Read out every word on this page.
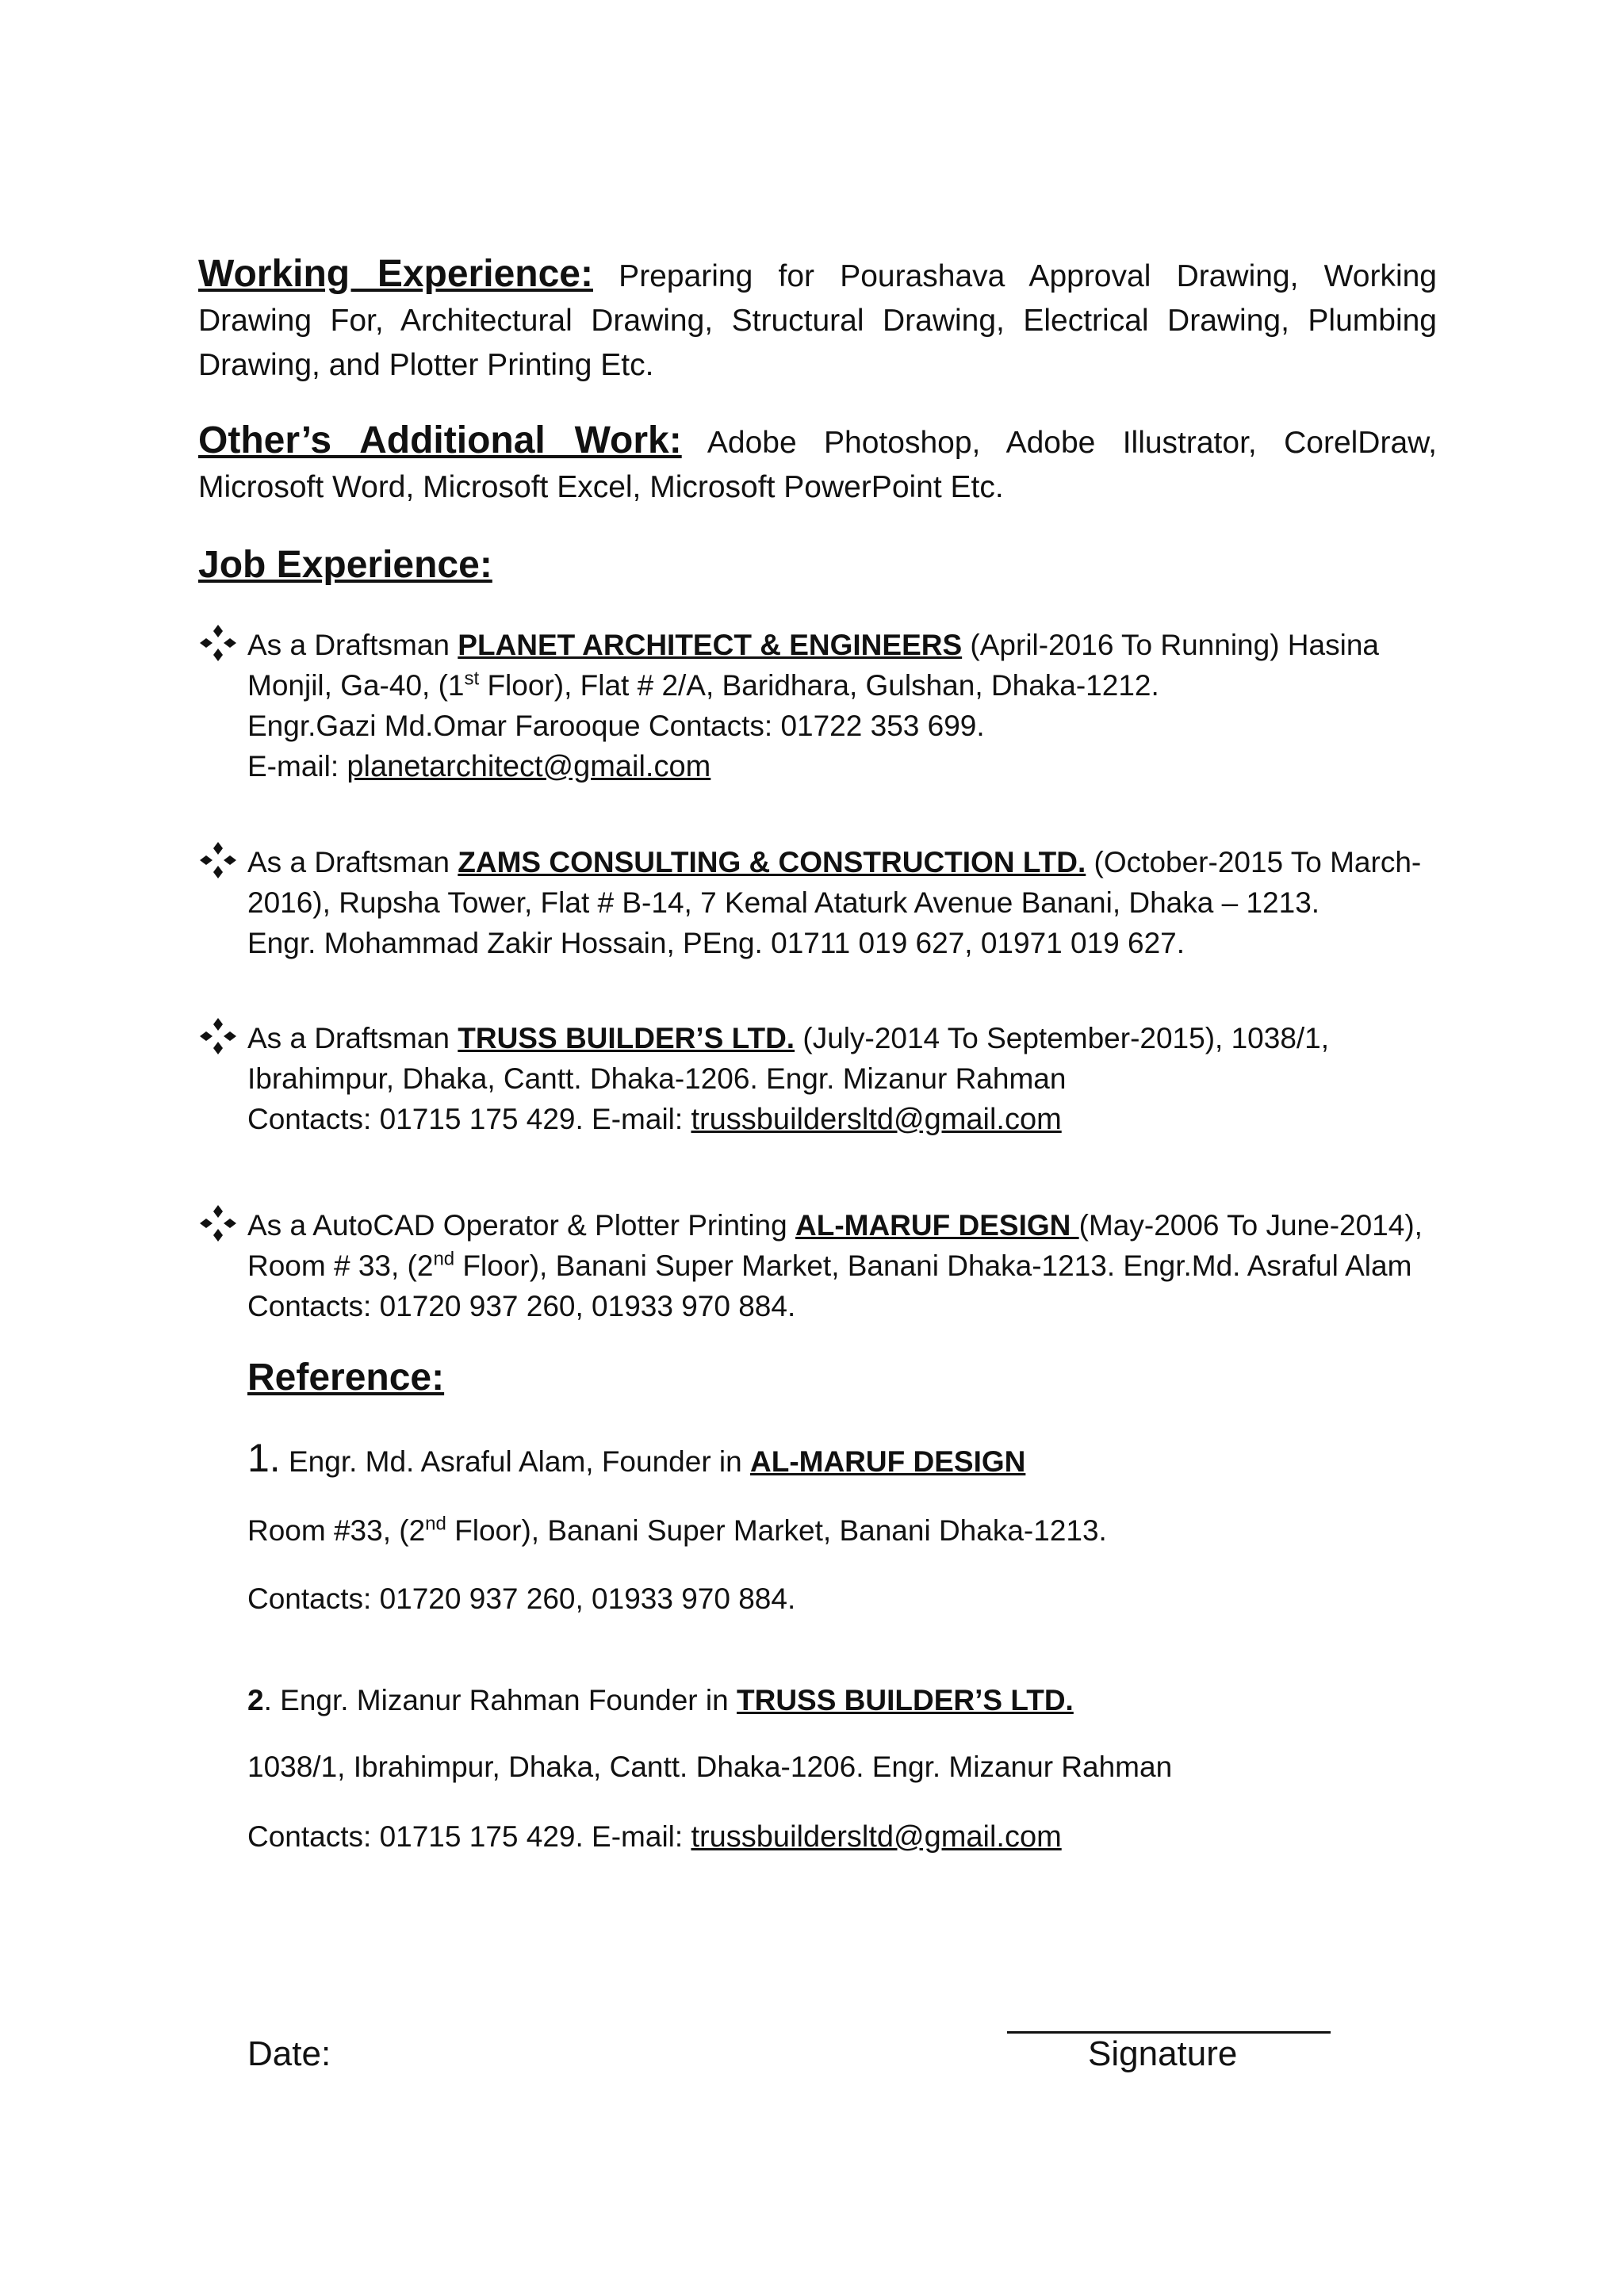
Working Experience: Preparing for Pourashava Approval Drawing, Working Drawing For, Architectural Drawing, Structural Drawing, Electrical Drawing, Plumbing Drawing, and Plotter Printing Etc.

Other’s Additional Work: Adobe Photoshop, Adobe Illustrator, CorelDraw, Microsoft Word, Microsoft Excel, Microsoft PowerPoint Etc.

Job Experience:
As a Draftsman PLANET ARCHITECT & ENGINEERS (April-2016 To Running) Hasina
Monjil, Ga-40, (1st Floor), Flat # 2/A, Baridhara, Gulshan, Dhaka-1212.
Engr.Gazi Md.Omar Farooque Contacts: 01722 353 699.
E-mail: planetarchitect@gmail.com
As a Draftsman ZAMS CONSULTING & CONSTRUCTION LTD. (October-2015 To March-
2016), Rupsha Tower, Flat # B-14, 7 Kemal Ataturk Avenue Banani, Dhaka – 1213.
Engr. Mohammad Zakir Hossain, PEng. 01711 019 627, 01971 019 627.
As a Draftsman TRUSS BUILDER’S LTD. (July-2014 To September-2015), 1038/1,
Ibrahimpur, Dhaka, Cantt. Dhaka-1206. Engr. Mizanur Rahman
Contacts: 01715 175 429. E-mail: trussbuildersltd@gmail.com
As a AutoCAD Operator & Plotter Printing AL-MARUF DESIGN (May-2006 To June-2014),
Room # 33, (2nd Floor), Banani Super Market, Banani Dhaka-1213. Engr.Md. Asraful Alam
Contacts: 01720 937 260, 01933 970 884.
Reference:
1. Engr. Md. Asraful Alam, Founder in AL-MARUF DESIGN
Room #33, (2nd Floor), Banani Super Market, Banani Dhaka-1213.
Contacts: 01720 937 260, 01933 970 884.
2. Engr. Mizanur Rahman Founder in TRUSS BUILDER’S LTD.
1038/1, Ibrahimpur, Dhaka, Cantt. Dhaka-1206. Engr. Mizanur Rahman
Contacts: 01715 175 429. E-mail: trussbuildersltd@gmail.com
Date:	Signature
